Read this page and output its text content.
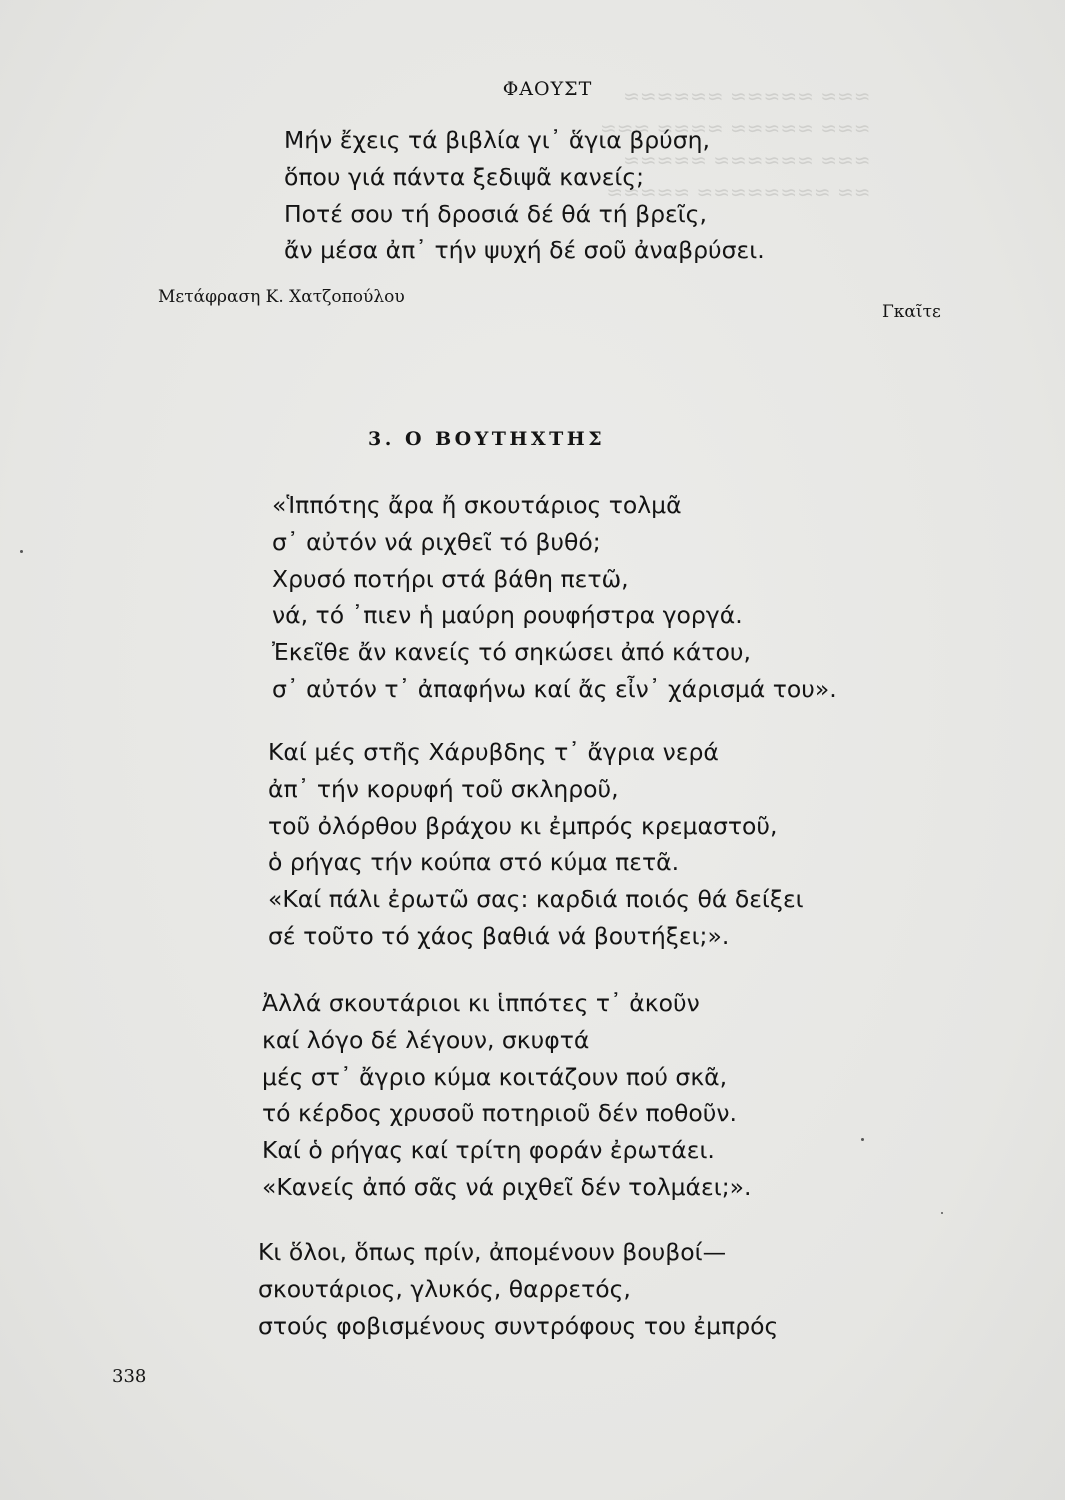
≈≈≈ ≈≈≈≈≈ ≈≈≈≈≈≈
≈≈≈ ≈≈≈≈≈ ≈≈≈≈ ≈≈≈
≈≈≈ ≈≈≈≈≈≈ ≈≈≈≈≈
≈≈ ≈≈≈≈≈≈≈≈ ≈≈≈≈≈
ΦΑΟΥΣΤ
Μήν ἔχεις τά βιβλία γι᾽ ἅγια βρύση,
ὅπου γιά πάντα ξεδιψᾶ κανείς;
Ποτέ σου τή δροσιά δέ θά τή βρεῖς,
ἄν μέσα ἀπ᾽ τήν ψυχή δέ σοῦ ἀναβρύσει.
Μετάφραση Κ. Χατζοπούλου
Γκαῖτε
3. Ο ΒΟΥΤΗΧΤΗΣ
«Ἱππότης ἄρα ἤ σκουτάριος τολμᾶ
σ᾽ αὐτόν νά ριχθεῖ τό βυθό;
Χρυσό ποτήρι στά βάθη πετῶ,
νά, τό ᾽πιεν ἡ μαύρη ρουφήστρα γοργά.
Ἐκεῖθε ἄν κανείς τό σηκώσει ἀπό κάτου,
σ᾽ αὐτόν τ᾽ ἀπαφήνω καί ἄς εἶν᾽ χάρισμά του».
Καί μές στῆς Χάρυβδης τ᾽ ἄγρια νερά
ἀπ᾽ τήν κορυφή τοῦ σκληροῦ,
τοῦ ὀλόρθου βράχου κι ἐμπρός κρεμαστοῦ,
ὁ ρήγας τήν κούπα στό κύμα πετᾶ.
«Καί πάλι ἐρωτῶ σας: καρδιά ποιός θά δείξει
σέ τοῦτο τό χάος βαθιά νά βουτήξει;».
Ἀλλά σκουτάριοι κι ἱππότες τ᾽ ἀκοῦν
καί λόγο δέ λέγουν, σκυφτά
μές στ᾽ ἄγριο κύμα κοιτάζουν πού σκᾶ,
τό κέρδος χρυσοῦ ποτηριοῦ δέν ποθοῦν.
Καί ὁ ρήγας καί τρίτη φοράν ἐρωτάει.
«Κανείς ἀπό σᾶς νά ριχθεῖ δέν τολμάει;».
Κι ὅλοι, ὅπως πρίν, ἀπομένουν βουβοί—
σκουτάριος, γλυκός, θαρρετός,
στούς φοβισμένους συντρόφους του ἐμπρός
338
